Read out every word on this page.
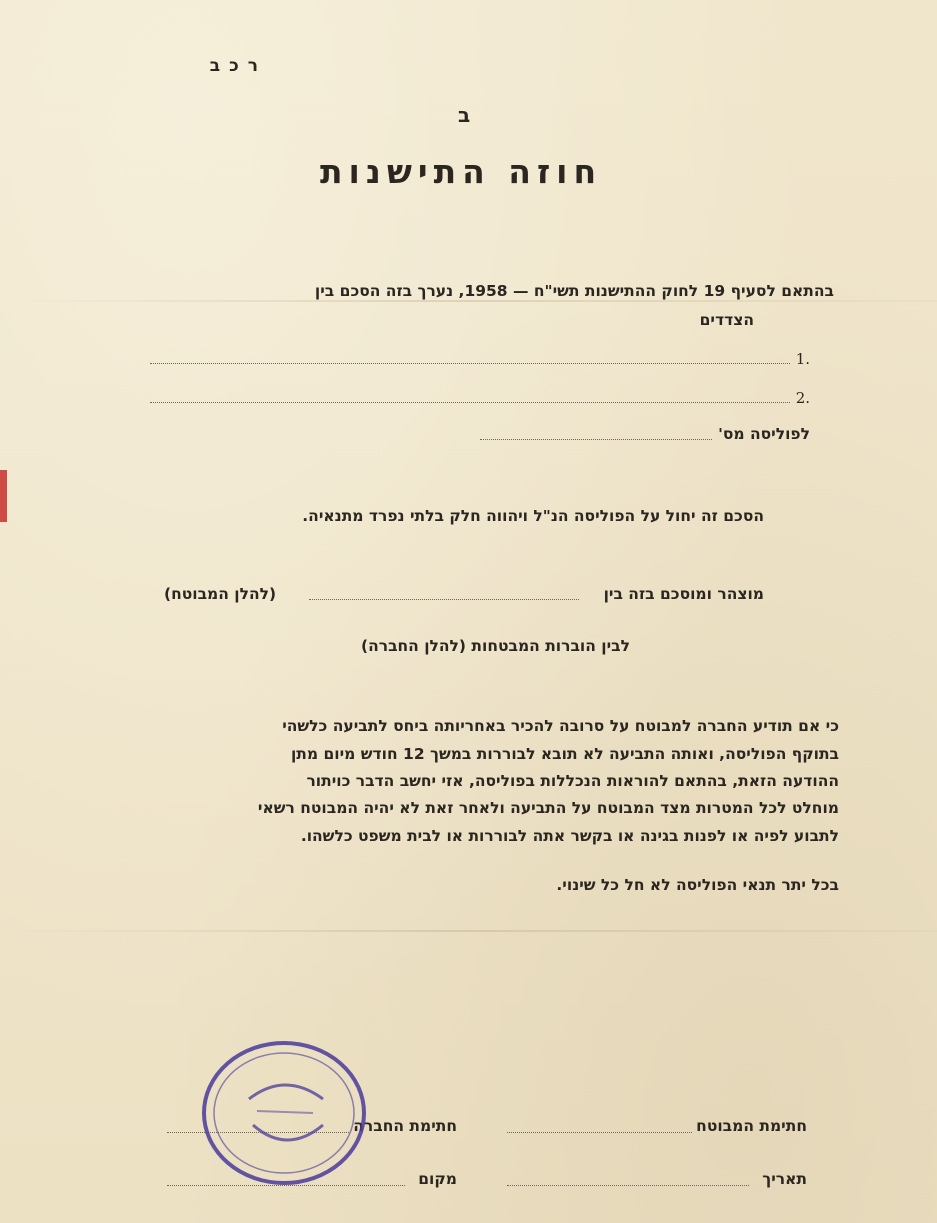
רכב
ב
חוזה התישנות
בהתאם לסעיף 19 לחוק ההתישנות תשי"ח — 1958, נערך בזה הסכם בין
הצדדים
1.
2.
לפוליסה מס'
הסכם זה יחול על הפוליסה הנ"ל ויהווה חלק בלתי נפרד מתנאיה.
מוצהר ומוסכם בזה בין
(להלן המבוטח)
לבין הוברות המבטחות (להלן החברה)
כי אם תודיע החברה למבוטח על סרובה להכיר באחריותה ביחס לתביעה כלשהי
בתוקף הפוליסה, ואותה התביעה לא תובא לבוררות במשך 12 חודש מיום מתן
ההודעה הזאת, בהתאם להוראות הנכללות בפוליסה, אזי יחשב הדבר כויתור
מוחלט לכל המטרות מצד המבוטח על התביעה ולאחר זאת לא יהיה המבוטח רשאי
לתבוע לפיה או לפנות בגינה או בקשר אתה לבוררות או לבית משפט כלשהו.
בכל יתר תנאי הפוליסה לא חל כל שינוי.
חתימת המבוטח
חתימת החברה
תאריך
מקום
